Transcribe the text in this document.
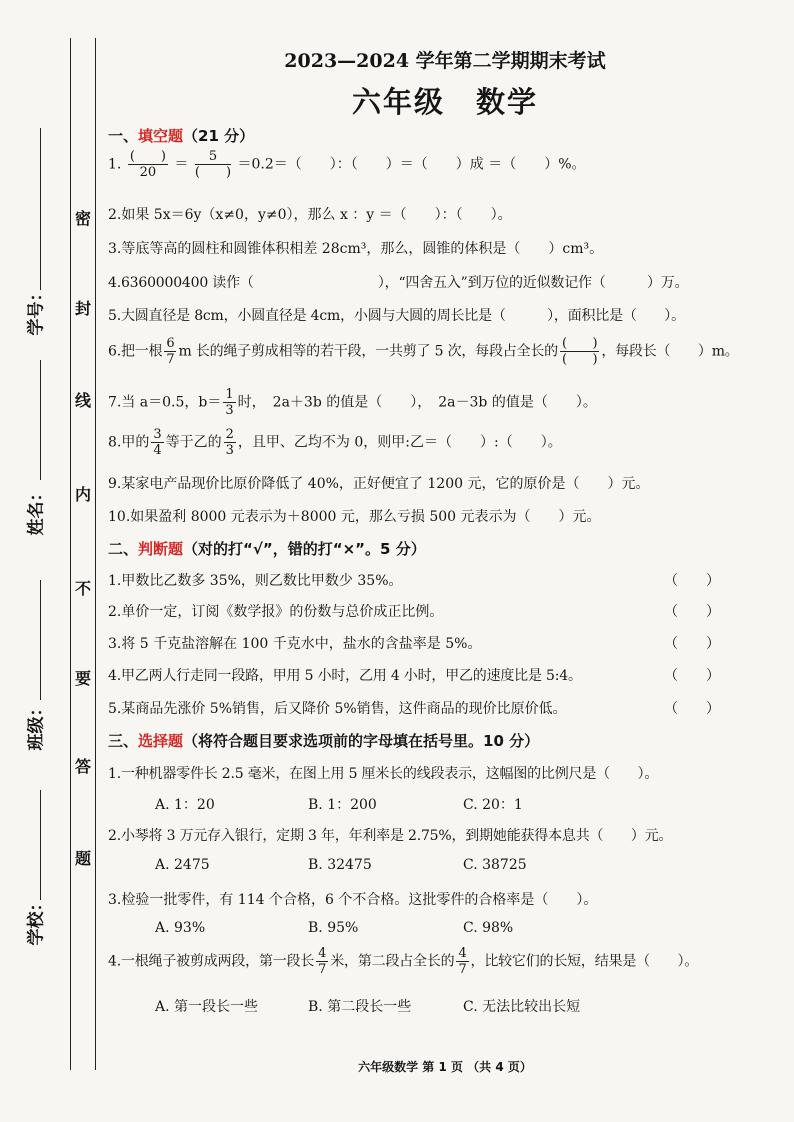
密
封
线
内
不
要
答
题
学号：
姓名：
班级：
学校：
2023—2024 学年第二学期期末考试
六年级　数学
一、填空题（21 分）
1. $\frac{( )}{20} = \frac{5}{( )} =0.2=$（　　）：（　　）＝（　　）成 ＝（　　）%。
2.如果 5x＝6y（x≠0，y≠0），那么 x ：y ＝（　　）：（　　）。
3.等底等高的圆柱和圆锥体积相差 28cm³，那么，圆锥的体积是（　　）cm³。
4.6360000400 读作（　　　　　　　　　），“四舍五入”到万位的近似数记作（　　　）万。
5.大圆直径是 8cm，小圆直径是 4cm，小圆与大圆的周长比是（　　　），面积比是（　　）。
6.把一根 $\frac{6}{7}$ m 长的绳子剪成相等的若干段，一共剪了 5 次，每段占全长的 $\frac{( )}{( )}$ ，每段长（　　）m。
7.当 a＝0.5，$b= \frac{1}{3}$ 时，　2a＋3b 的值是（　　），　2a－3b 的值是（　　）。
8.甲的 $\frac{3}{4}$ 等于乙的 $\frac{2}{3}$ ，且甲、乙均不为 0，则甲:乙＝（　　）:（　　）。
9.某家电产品现价比原价降低了 40%，正好便宜了 1200 元，它的原价是（　　）元。
10.如果盈利 8000 元表示为＋8000 元，那么亏损 500 元表示为（　　）元。
二、判断题（对的打“√”，错的打“×”。5 分）
1.甲数比乙数多 35%，则乙数比甲数少 35%。	（　　）
2.单价一定，订阅《数学报》的份数与总价成正比例。	（　　）
3.将 5 千克盐溶解在 100 千克水中，盐水的含盐率是 5%。	（　　）
4.甲乙两人行走同一段路，甲用 5 小时，乙用 4 小时，甲乙的速度比是 5:4。	（　　）
5.某商品先涨价 5%销售，后又降价 5%销售，这件商品的现价比原价低。	（　　）
三、选择题（将符合题目要求选项前的字母填在括号里。10 分）
1.一种机器零件长 2.5 毫米，在图上用 5 厘米长的线段表示，这幅图的比例尺是（　　）。
A. 1：20	B. 1：200	C. 20：1
2.小琴将 3 万元存入银行，定期 3 年，年利率是 2.75%，到期她能获得本息共（　　）元。
A. 2475	B. 32475	C. 38725
3.检验一批零件，有 114 个合格，6 个不合格。这批零件的合格率是（　　）。
A. 93%	B. 95%	C. 98%
4.一根绳子被剪成两段，第一段长 $\frac{4}{7}$ 米，第二段占全长的 $\frac{4}{7}$ ，比较它们的长短，结果是（　　）。
A. 第一段长一些	B. 第二段长一些	C. 无法比较出长短
六年级数学 第 1 页 （共 4 页）
